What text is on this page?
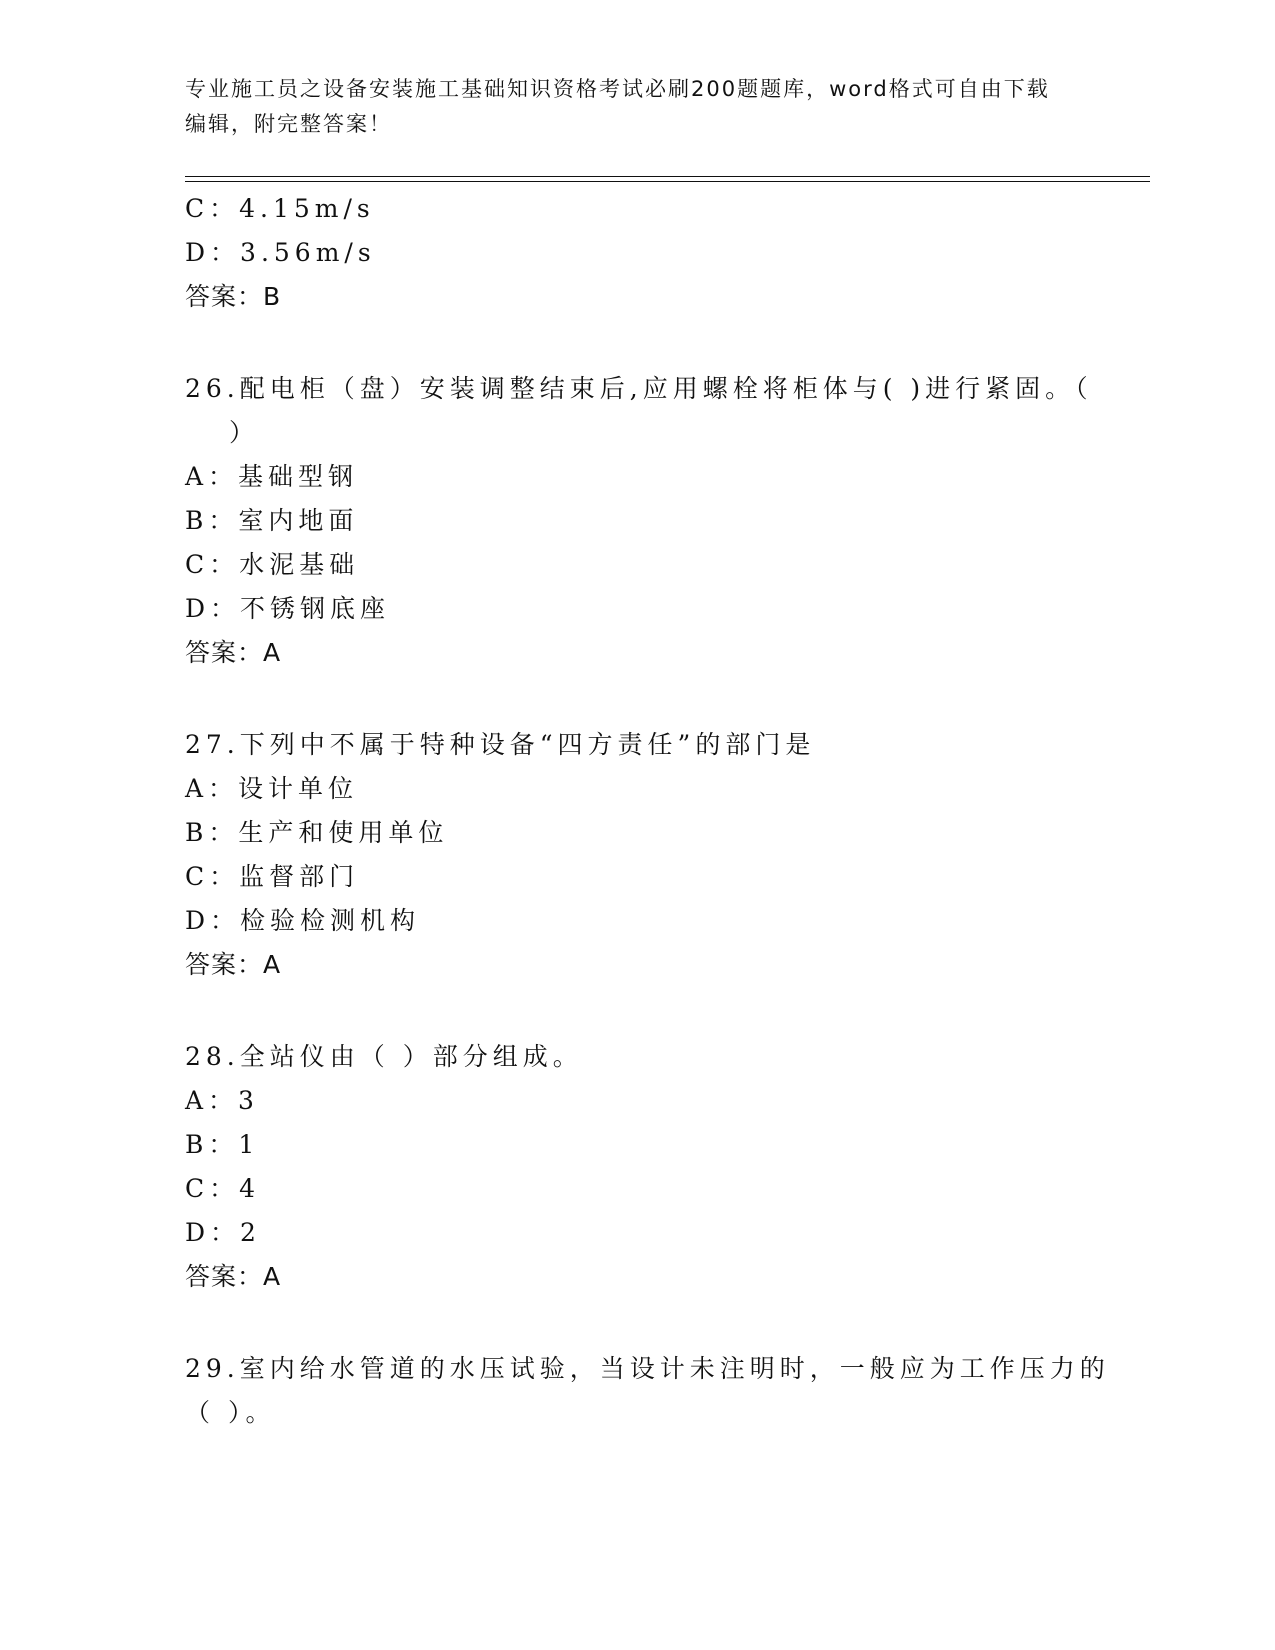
专业施工员之设备安装施工基础知识资格考试必刷200题题库，word格式可自由下载编辑，附完整答案！
C：4.15m/s
D：3.56m/s
答案：B
26.配电柜（盘）安装调整结束后,应用螺栓将柜体与( )进行紧固。（
）
A：基础型钢
B：室内地面
C：水泥基础
D：不锈钢底座
答案：A
27.下列中不属于特种设备“四方责任”的部门是
A：设计单位
B：生产和使用单位
C：监督部门
D：检验检测机构
答案：A
28.全站仪由（ ）部分组成。
A：3
B：1
C：4
D：2
答案：A
29.室内给水管道的水压试验，当设计未注明时，一般应为工作压力的
（ ）。
